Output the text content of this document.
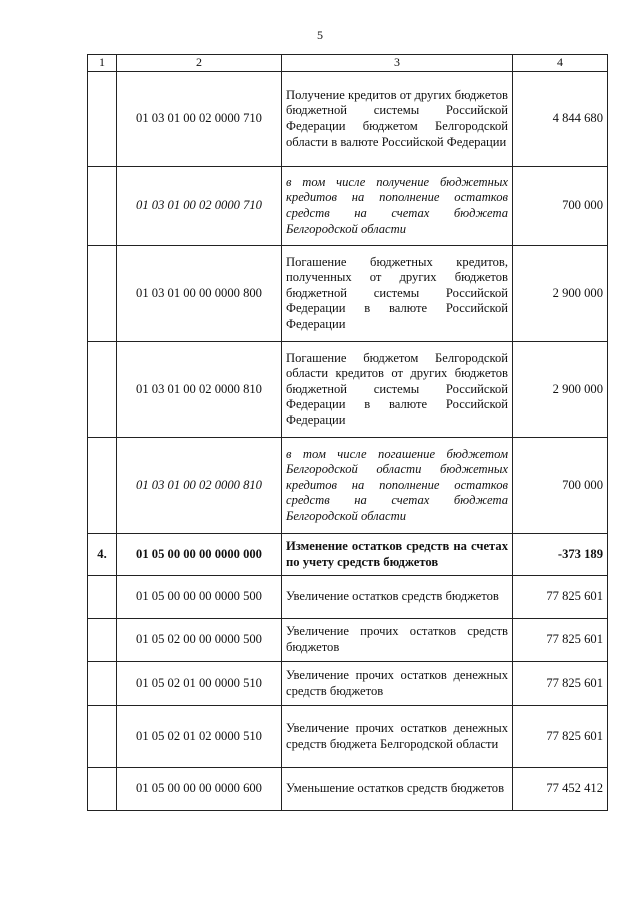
5
1	2	3	4
	01 03 01 00 02 0000 710	Получение кредитов от других бюджетов бюджетной системы Российской Федерации бюджетом Белгородской области в валюте Российской Федерации	4 844 680
	01 03 01 00 02 0000 710	в том числе получение бюджетных кредитов на пополнение остатков средств на счетах бюджета Белгородской области	700 000
	01 03 01 00 00 0000 800	Погашение бюджетных кредитов, полученных от других бюджетов бюджетной системы Российской Федерации в валюте Российской Федерации	2 900 000
	01 03 01 00 02 0000 810	Погашение бюджетом Белгородской области кредитов от других бюджетов бюджетной системы Российской Федерации в валюте Российской Федерации	2 900 000
	01 03 01 00 02 0000 810	в том числе погашение бюджетом Белгородской области бюджетных кредитов на пополнение остатков средств на счетах бюджета Белгородской области	700 000
4.	01 05 00 00 00 0000 000	Изменение остатков средств на счетах по учету средств бюджетов	-373 189
	01 05 00 00 00 0000 500	Увеличение остатков средств бюджетов	77 825 601
	01 05 02 00 00 0000 500	Увеличение прочих остатков средств бюджетов	77 825 601
	01 05 02 01 00 0000 510	Увеличение прочих остатков денежных средств бюджетов	77 825 601
	01 05 02 01 02 0000 510	Увеличение прочих остатков денежных средств бюджета Белгородской области	77 825 601
	01 05 00 00 00 0000 600	Уменьшение остатков средств бюджетов	77 452 412
